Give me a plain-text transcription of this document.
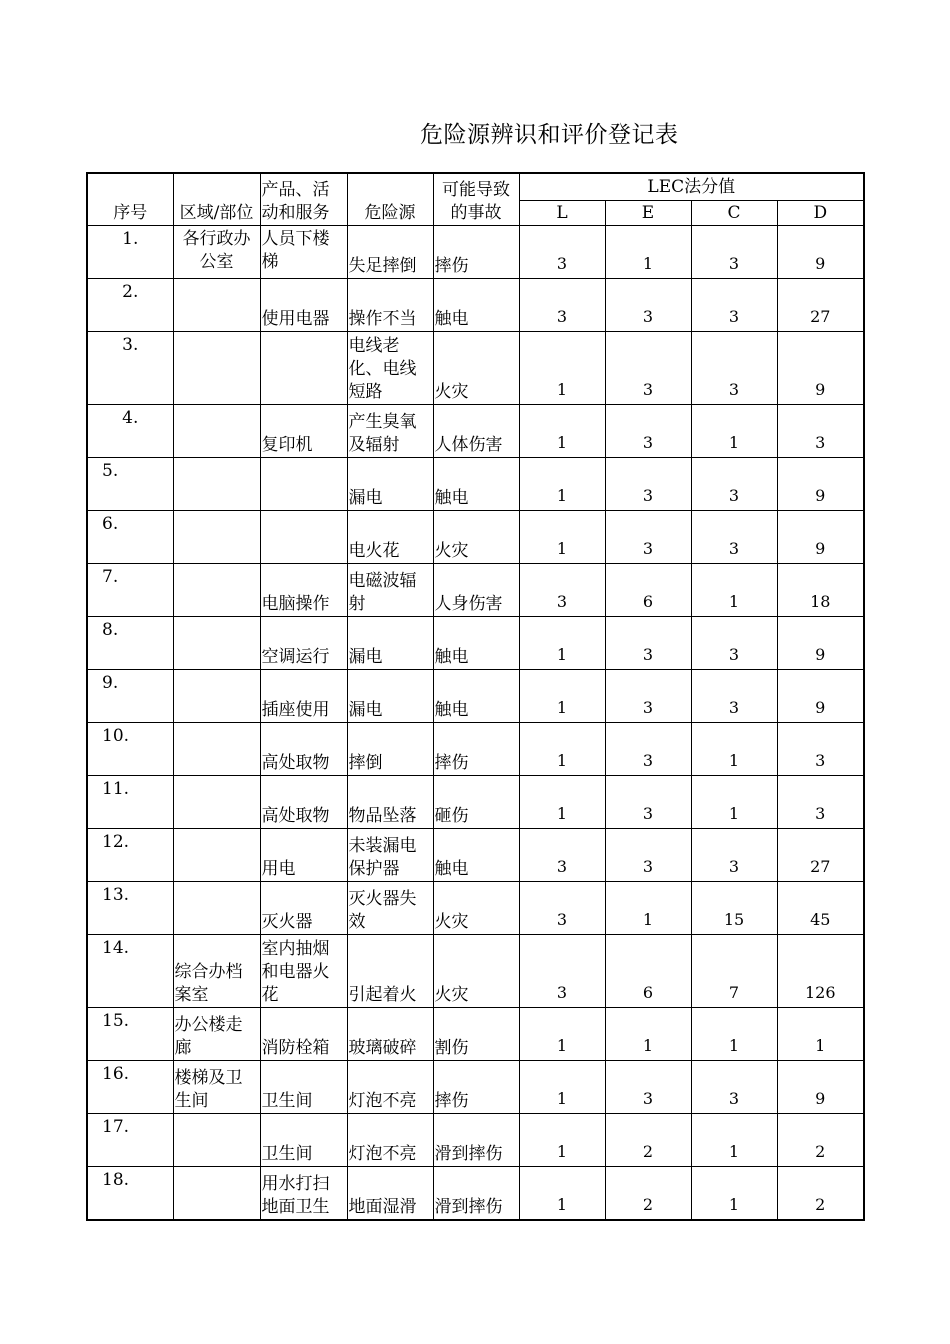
危险源辨识和评价登记表
序号	区域/部位	产品、活动和服务	危险源	可能导致的事故	LEC法分值			
					L	E	C	D
1.	各行政办公室	人员下楼梯	失足摔倒	摔伤	3	1	3	9
2.		使用电器	操作不当	触电	3	3	3	27
3.			电线老化、电线短路	火灾	1	3	3	9
4.		复印机	产生臭氧及辐射	人体伤害	1	3	1	3
5.			漏电	触电	1	3	3	9
6.			电火花	火灾	1	3	3	9
7.		电脑操作	电磁波辐射	人身伤害	3	6	1	18
8.		空调运行	漏电	触电	1	3	3	9
9.		插座使用	漏电	触电	1	3	3	9
10.		高处取物	摔倒	摔伤	1	3	1	3
11.		高处取物	物品坠落	砸伤	1	3	1	3
12.		用电	未装漏电保护器	触电	3	3	3	27
13.		灭火器	灭火器失效	火灾	3	1	15	45
14.	综合办档案室	室内抽烟和电器火花	引起着火	火灾	3	6	7	126
15.	办公楼走廊	消防栓箱	玻璃破碎	割伤	1	1	1	1
16.	楼梯及卫生间	卫生间	灯泡不亮	摔伤	1	3	3	9
17.		卫生间	灯泡不亮	滑到摔伤	1	2	1	2
18.		用水打扫地面卫生	地面湿滑	滑到摔伤	1	2	1	2
